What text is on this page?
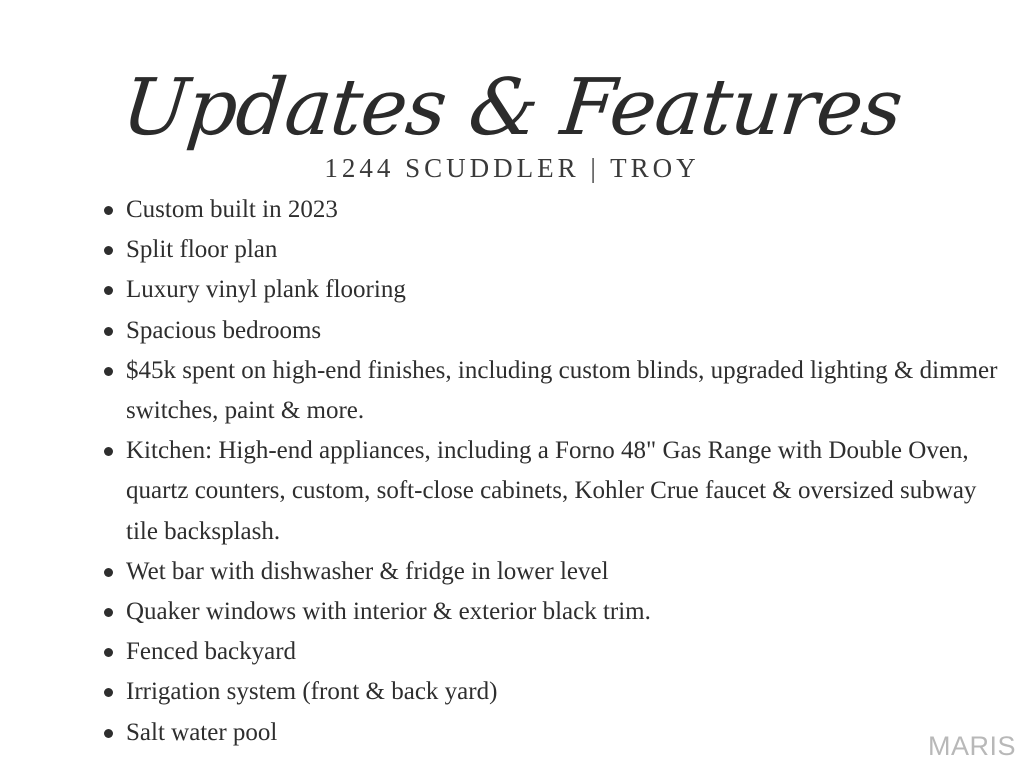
Updates & Features
1244 SCUDDLER | TROY
Custom built in 2023
Split floor plan
Luxury vinyl plank flooring
Spacious bedrooms
$45k spent on high-end finishes, including custom blinds, upgraded lighting & dimmer switches, paint & more.
Kitchen: High-end appliances, including a Forno 48" Gas Range with Double Oven, quartz counters, custom, soft-close cabinets, Kohler Crue faucet & oversized subway tile backsplash.
Wet bar with dishwasher & fridge in lower level
Quaker windows with interior & exterior black trim.
Fenced backyard
Irrigation system (front & back yard)
Salt water pool	MARIS
